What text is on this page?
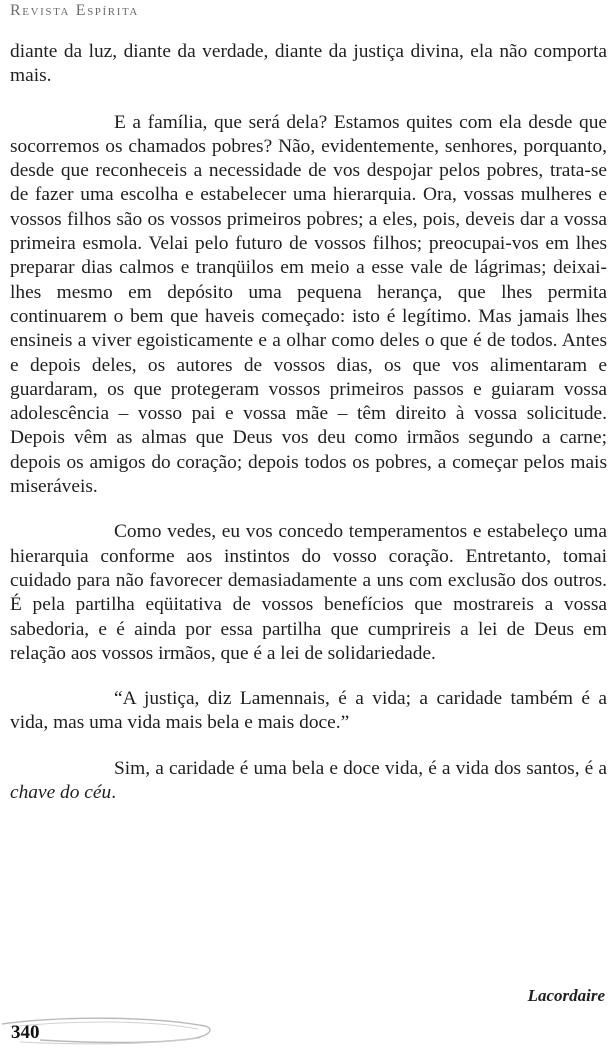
Revista Espírita

diante da luz, diante da verdade, diante da justiça divina, ela não comporta mais.

E a família, que será dela? Estamos quites com ela desde que socorremos os chamados pobres? Não, evidentemente, senhores, porquanto, desde que reconheceis a necessidade de vos despojar pelos pobres, trata-se de fazer uma escolha e estabelecer uma hierarquia. Ora, vossas mulheres e vossos filhos são os vossos primeiros pobres; a eles, pois, deveis dar a vossa primeira esmola. Velai pelo futuro de vossos filhos; preocupai-vos em lhes preparar dias calmos e tranqüilos em meio a esse vale de lágrimas; deixai-lhes mesmo em depósito uma pequena herança, que lhes permita continuarem o bem que haveis começado: isto é legítimo. Mas jamais lhes ensineis a viver egoisticamente e a olhar como deles o que é de todos. Antes e depois deles, os autores de vossos dias, os que vos alimentaram e guardaram, os que protegeram vossos primeiros passos e guiaram vossa adolescência – vosso pai e vossa mãe – têm direito à vossa solicitude. Depois vêm as almas que Deus vos deu como irmãos segundo a carne; depois os amigos do coração; depois todos os pobres, a começar pelos mais miseráveis.

Como vedes, eu vos concedo temperamentos e estabeleço uma hierarquia conforme aos instintos do vosso coração. Entretanto, tomai cuidado para não favorecer demasiadamente a uns com exclusão dos outros. É pela partilha eqüitativa de vossos benefícios que mostrareis a vossa sabedoria, e é ainda por essa partilha que cumprireis a lei de Deus em relação aos vossos irmãos, que é a lei de solidariedade.

“A justiça, diz Lamennais, é a vida; a caridade também é a vida, mas uma vida mais bela e mais doce.”

Sim, a caridade é uma bela e doce vida, é a vida dos santos, é a chave do céu.

Lacordaire
340
